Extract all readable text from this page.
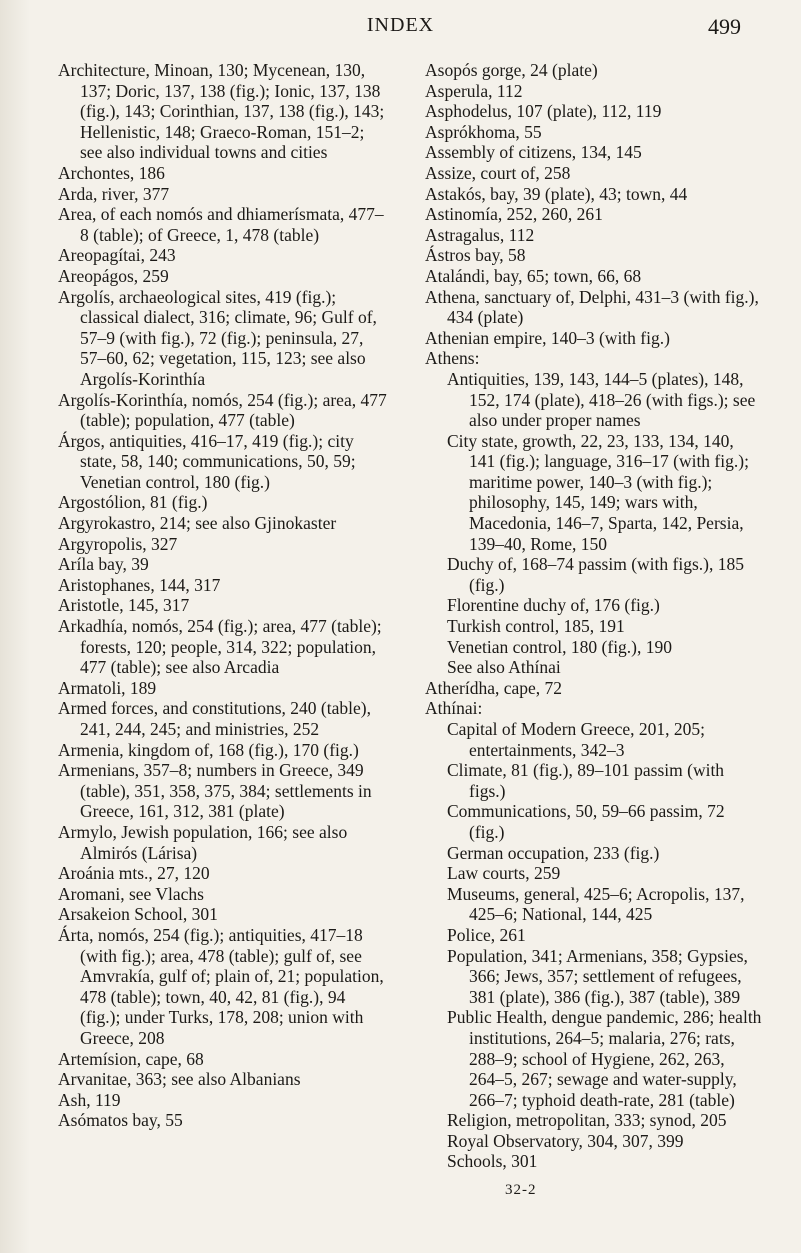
INDEX	499

Architecture, Minoan, 130; Mycenean, 130, 137; Doric, 137, 138 (fig.); Ionic, 137, 138 (fig.), 143; Corinthian, 137, 138 (fig.), 143; Hellenistic, 148; Graeco-Roman, 151–2; see also individual towns and cities

Archontes, 186

Arda, river, 377

Area, of each nomós and dhiamerísmata, 477–8 (table); of Greece, 1, 478 (table)

Areopagítai, 243

Areopágos, 259

Argolís, archaeological sites, 419 (fig.); classical dialect, 316; climate, 96; Gulf of, 57–9 (with fig.), 72 (fig.); peninsula, 27, 57–60, 62; vegetation, 115, 123; see also Argolís-Korinthía

Argolís-Korinthía, nomós, 254 (fig.); area, 477 (table); population, 477 (table)

Árgos, antiquities, 416–17, 419 (fig.); city state, 58, 140; communications, 50, 59; Venetian control, 180 (fig.)

Argostólion, 81 (fig.)

Argyrokastro, 214; see also Gjinokaster

Argyropolis, 327

Aríla bay, 39

Aristophanes, 144, 317

Aristotle, 145, 317

Arkadhía, nomós, 254 (fig.); area, 477 (table); forests, 120; people, 314, 322; population, 477 (table); see also Arcadia

Armatoli, 189

Armed forces, and constitutions, 240 (table), 241, 244, 245; and ministries, 252

Armenia, kingdom of, 168 (fig.), 170 (fig.)

Armenians, 357–8; numbers in Greece, 349 (table), 351, 358, 375, 384; settlements in Greece, 161, 312, 381 (plate)

Armylo, Jewish population, 166; see also Almirós (Lárisa)

Aroánia mts., 27, 120

Aromani, see Vlachs

Arsakeion School, 301

Árta, nomós, 254 (fig.); antiquities, 417–18 (with fig.); area, 478 (table); gulf of, see Amvrakía, gulf of; plain of, 21; population, 478 (table); town, 40, 42, 81 (fig.), 94 (fig.); under Turks, 178, 208; union with Greece, 208

Artemísion, cape, 68

Arvanitae, 363; see also Albanians

Ash, 119

Asómatos bay, 55

Asopós gorge, 24 (plate)

Asperula, 112

Asphodelus, 107 (plate), 112, 119

Asprókhoma, 55

Assembly of citizens, 134, 145

Assize, court of, 258

Astakós, bay, 39 (plate), 43; town, 44

Astinomía, 252, 260, 261

Astragalus, 112

Ástros bay, 58

Atalándi, bay, 65; town, 66, 68

Athena, sanctuary of, Delphi, 431–3 (with fig.), 434 (plate)

Athenian empire, 140–3 (with fig.)

Athens:

Antiquities, 139, 143, 144–5 (plates), 148, 152, 174 (plate), 418–26 (with figs.); see also under proper names

City state, growth, 22, 23, 133, 134, 140, 141 (fig.); language, 316–17 (with fig.); maritime power, 140–3 (with fig.); philosophy, 145, 149; wars with, Macedonia, 146–7, Sparta, 142, Persia, 139–40, Rome, 150

Duchy of, 168–74 passim (with figs.), 185 (fig.)

Florentine duchy of, 176 (fig.)

Turkish control, 185, 191

Venetian control, 180 (fig.), 190

See also Athínai

Atherídha, cape, 72

Athínai:

Capital of Modern Greece, 201, 205; entertainments, 342–3

Climate, 81 (fig.), 89–101 passim (with figs.)

Communications, 50, 59–66 passim, 72 (fig.)

German occupation, 233 (fig.)

Law courts, 259

Museums, general, 425–6; Acropolis, 137, 425–6; National, 144, 425

Police, 261

Population, 341; Armenians, 358; Gypsies, 366; Jews, 357; settlement of refugees, 381 (plate), 386 (fig.), 387 (table), 389

Public Health, dengue pandemic, 286; health institutions, 264–5; malaria, 276; rats, 288–9; school of Hygiene, 262, 263, 264–5, 267; sewage and water-supply, 266–7; typhoid death-rate, 281 (table)

Religion, metropolitan, 333; synod, 205

Royal Observatory, 304, 307, 399

Schools, 301

32-2
